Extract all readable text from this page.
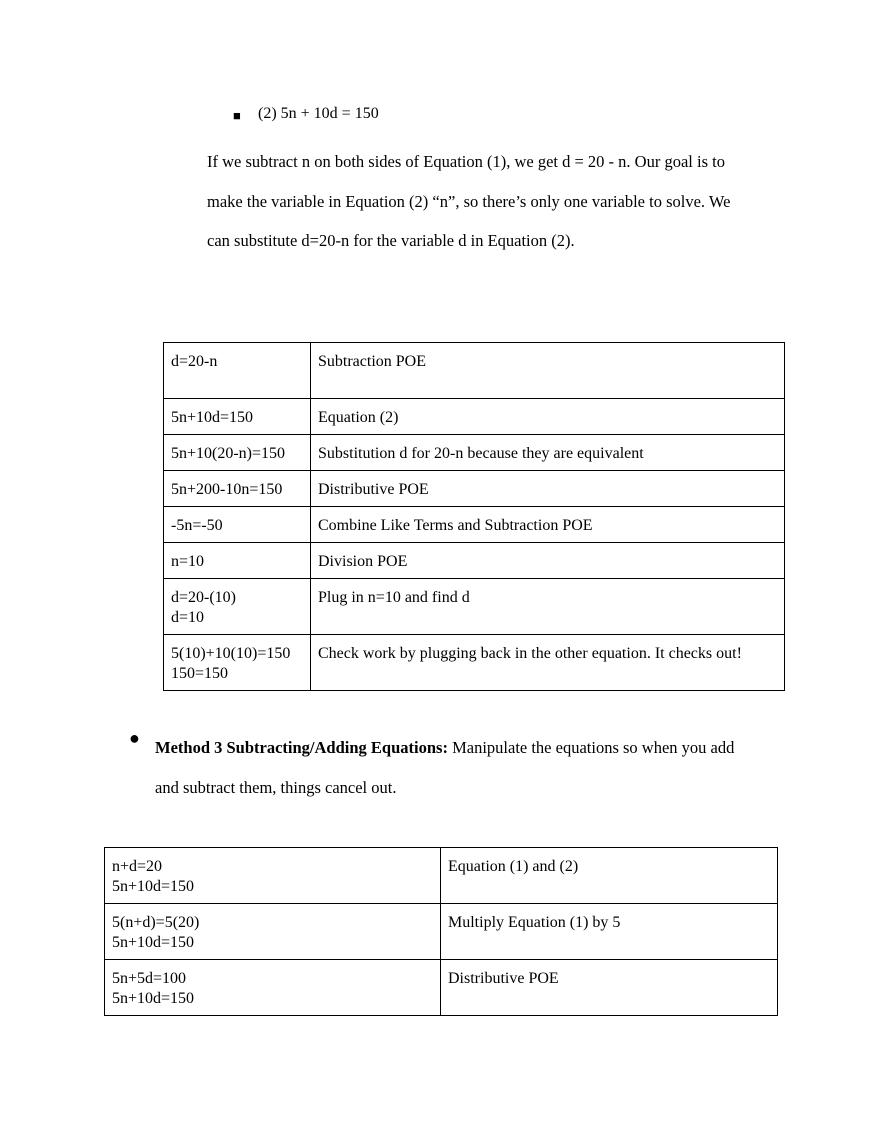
■ (2) 5n + 10d = 150
If we subtract n on both sides of Equation (1), we get d = 20 - n. Our goal is to
make the variable in Equation (2) “n”, so there’s only one variable to solve. We
can substitute d=20-n for the variable d in Equation (2).
d=20-n	Subtraction POE

5n+10d=150	Equation (2)

5n+10(20-n)=150	Substitution d for 20-n because they are equivalent

5n+200-10n=150	Distributive POE

-5n=-50	Combine Like Terms and Subtraction POE

n=10	Division POE

d=20-(10)
d=10	Plug in n=10 and find d

5(10)+10(10)=150
150=150	Check work by plugging back in the other equation. It checks out!
● Method 3 Subtracting/Adding Equations: Manipulate the equations so when you add
and subtract them, things cancel out.
n+d=20
5n+10d=150	Equation (1) and (2)

5(n+d)=5(20)
5n+10d=150	Multiply Equation (1) by 5

5n+5d=100
5n+10d=150	Distributive POE
